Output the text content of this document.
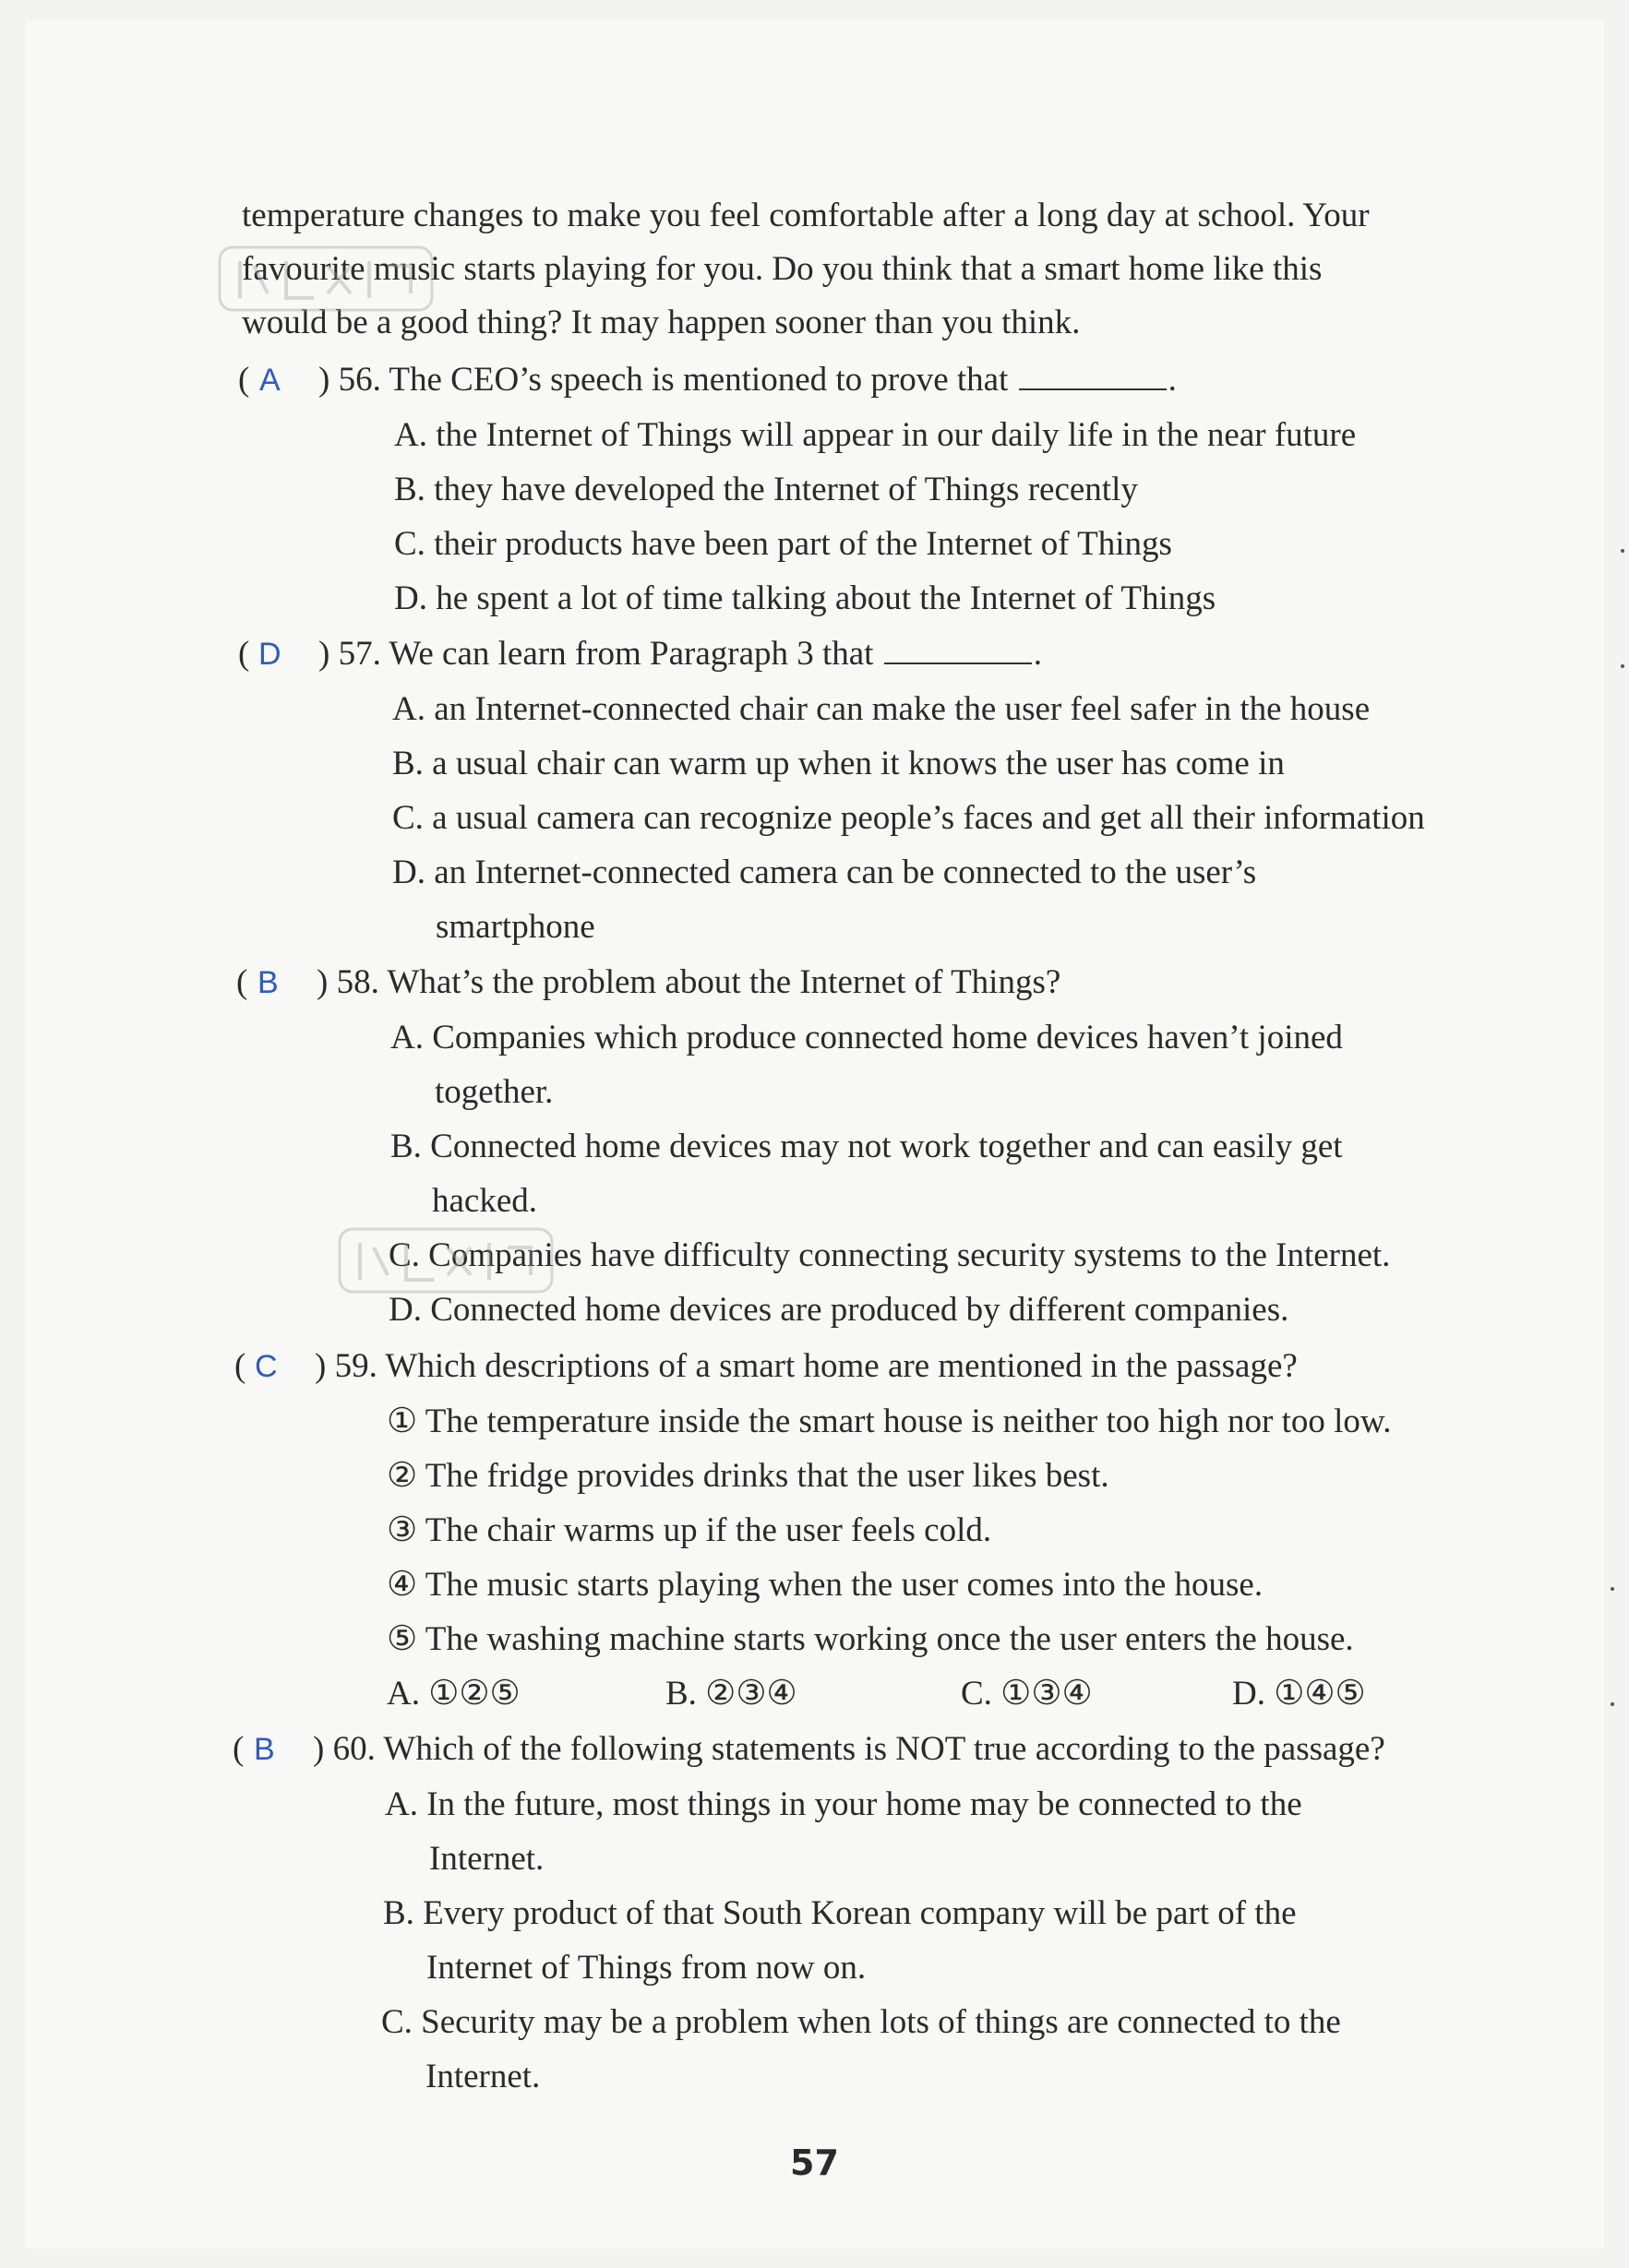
temperature changes to make you feel comfortable after a long day at school. Your
favourite music starts playing for you. Do you think that a smart home like this
would be a good thing? It may happen sooner than you think.
( A ) 56. The CEO’s speech is mentioned to prove that	.
A. the Internet of Things will appear in our daily life in the near future
B. they have developed the Internet of Things recently
C. their products have been part of the Internet of Things
D. he spent a lot of time talking about the Internet of Things
( D ) 57. We can learn from Paragraph 3 that	.
A. an Internet-connected chair can make the user feel safer in the house
B. a usual chair can warm up when it knows the user has come in
C. a usual camera can recognize people’s faces and get all their information
D. an Internet-connected camera can be connected to the user’s
smartphone
( B ) 58. What’s the problem about the Internet of Things?
A. Companies which produce connected home devices haven’t joined
together.
B. Connected home devices may not work together and can easily get
hacked.
C. Companies have difficulty connecting security systems to the Internet.
D. Connected home devices are produced by different companies.
( C ) 59. Which descriptions of a smart home are mentioned in the passage?
① The temperature inside the smart house is neither too high nor too low.
② The fridge provides drinks that the user likes best.
③ The chair warms up if the user feels cold.
④ The music starts playing when the user comes into the house.
⑤ The washing machine starts working once the user enters the house.
A. ①②⑤	B. ②③④	C. ①③④	D. ①④⑤
( B ) 60. Which of the following statements is NOT true according to the passage?
A. In the future, most things in your home may be connected to the
Internet.
B. Every product of that South Korean company will be part of the
Internet of Things from now on.
C. Security may be a problem when lots of things are connected to the
Internet.
57
